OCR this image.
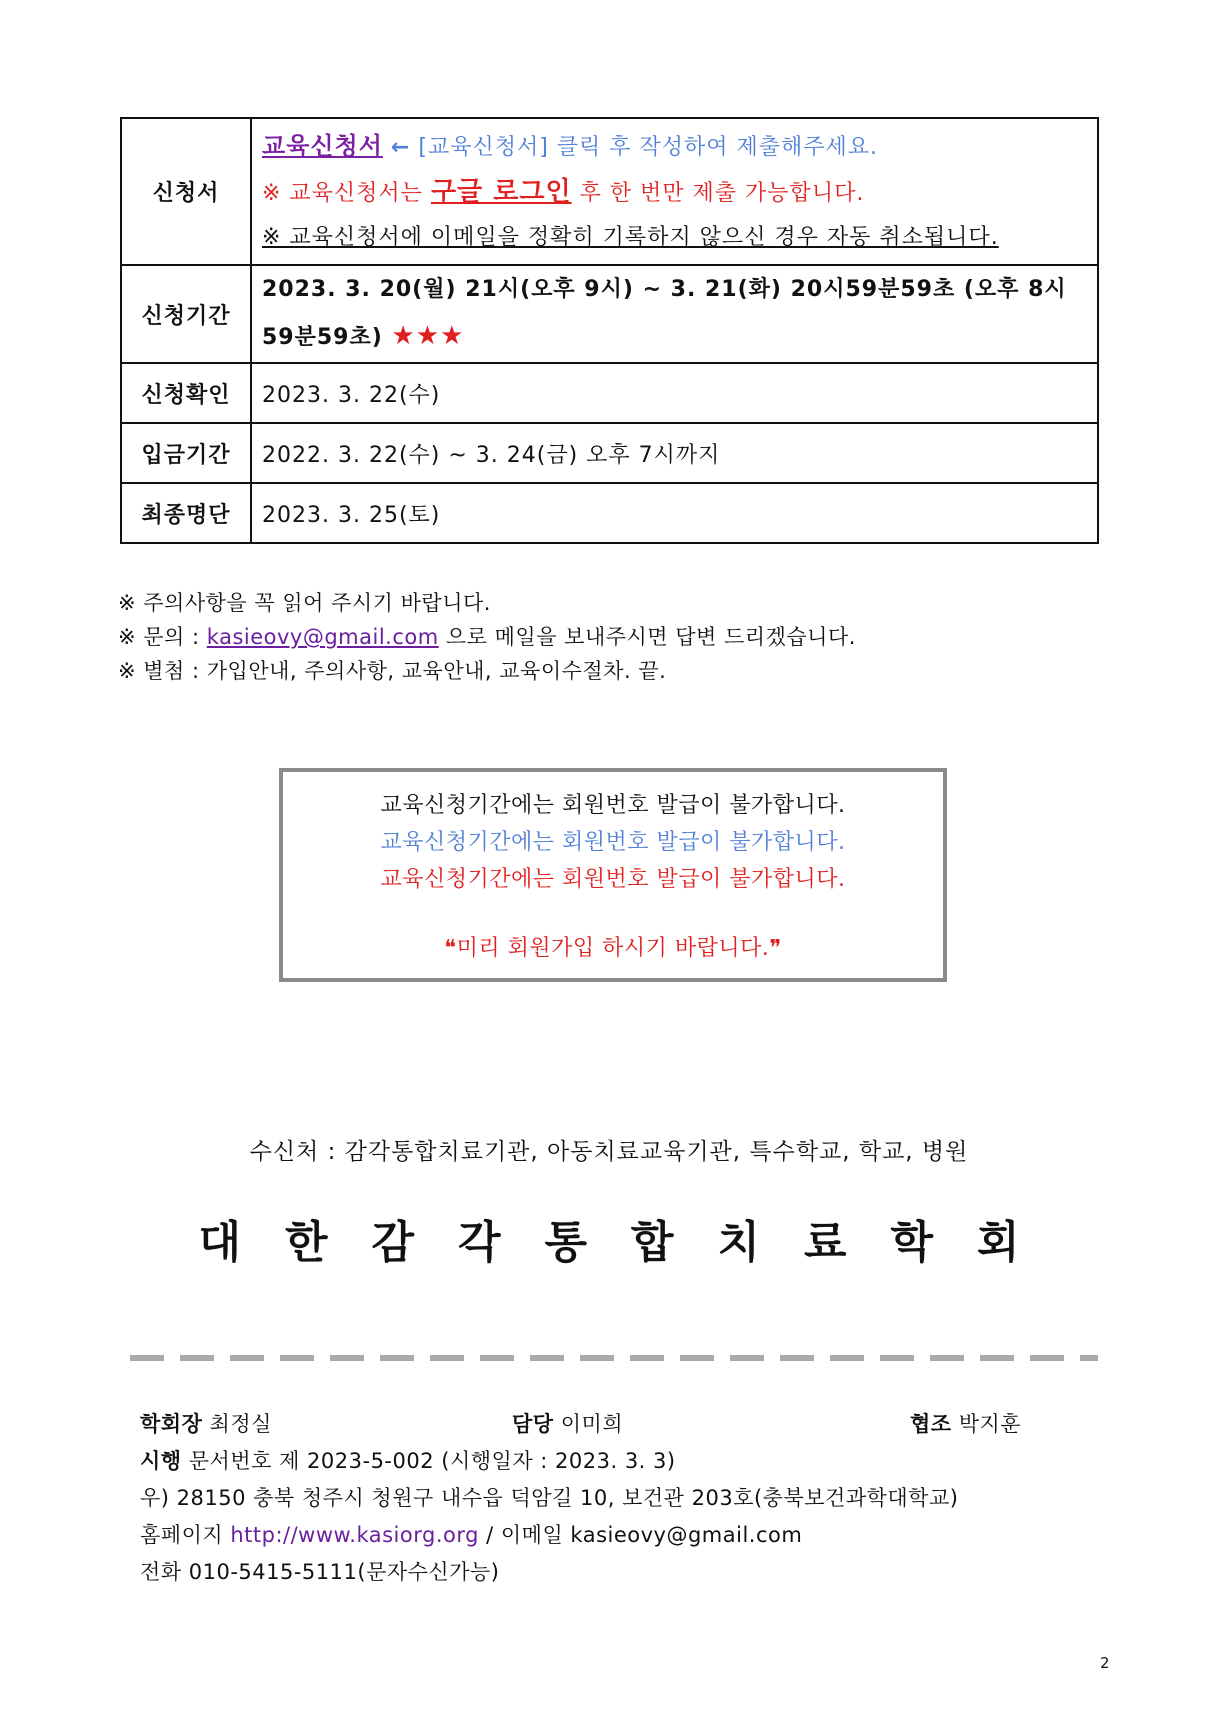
신청서	교육신청서 ← [교육신청서] 클릭 후 작성하여 제출해주세요.
※ 교육신청서는 구글 로그인 후 한 번만 제출 가능합니다.
※ 교육신청서에 이메일을 정확히 기록하지 않으신 경우 자동 취소됩니다.

신청기간	2023. 3. 20(월) 21시(오후 9시) ~ 3. 21(화) 20시59분59초 (오후 8시
59분59초) ★★★

신청확인	2023. 3. 22(수)
입금기간	2022. 3. 22(수) ~ 3. 24(금) 오후 7시까지
최종명단	2023. 3. 25(토)
※ 주의사항을 꼭 읽어 주시기 바랍니다.
※ 문의 : kasieovy@gmail.com 으로 메일을 보내주시면 답변 드리겠습니다.
※ 별첨 : 가입안내, 주의사항, 교육안내, 교육이수절차. 끝.
교육신청기간에는 회원번호 발급이 불가합니다.
교육신청기간에는 회원번호 발급이 불가합니다.
교육신청기간에는 회원번호 발급이 불가합니다.
❝미리 회원가입 하시기 바랍니다.❞
수신처 : 감각통합치료기관, 아동치료교육기관, 특수학교, 학교, 병원
대한감각통합치료학회
학회장 최정실	담당 이미희	협조 박지훈
시행 문서번호 제 2023-5-002 (시행일자 : 2023. 3. 3)
우) 28150 충북 청주시 청원구 내수읍 덕암길 10, 보건관 203호(충북보건과학대학교)
홈페이지 http://www.kasiorg.org / 이메일 kasieovy@gmail.com
전화 010-5415-5111(문자수신가능)
2
